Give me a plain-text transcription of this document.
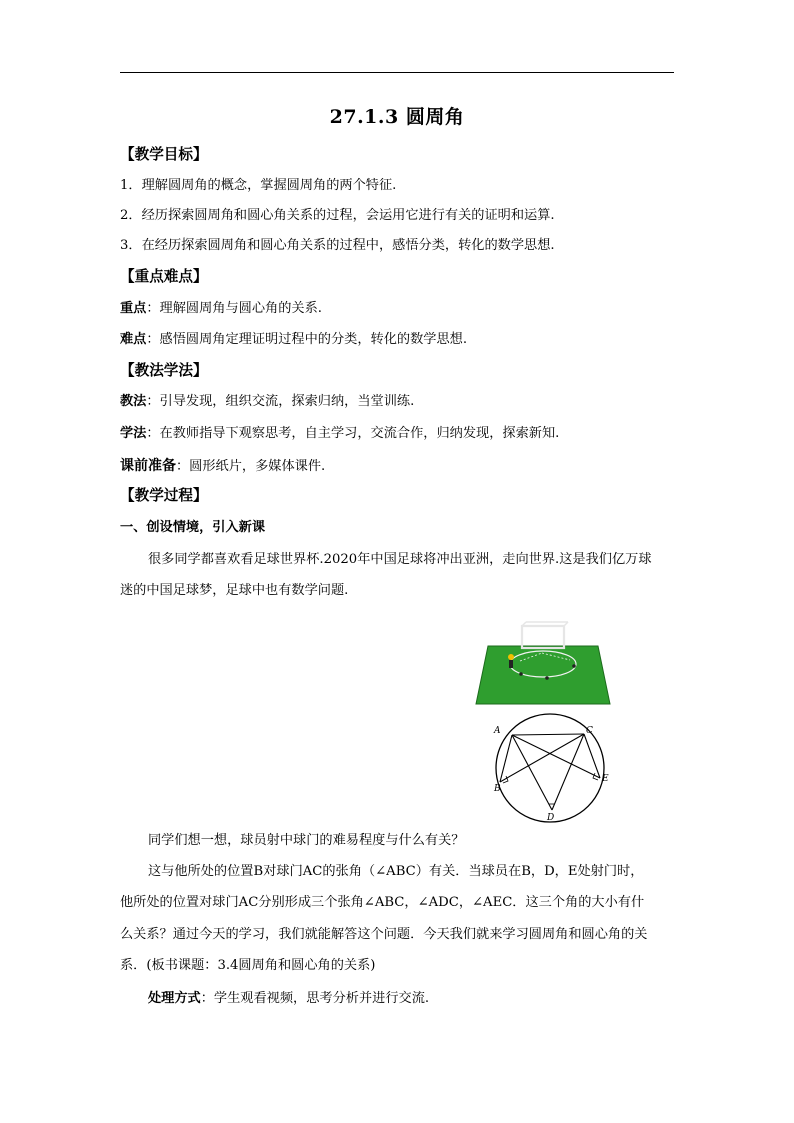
27.1.3 圆周角
【教学目标】
1．理解圆周角的概念，掌握圆周角的两个特征.
2．经历探索圆周角和圆心角关系的过程，会运用它进行有关的证明和运算.
3．在经历探索圆周角和圆心角关系的过程中，感悟分类，转化的数学思想.
【重点难点】
重点：理解圆周角与圆心角的关系.
难点：感悟圆周角定理证明过程中的分类，转化的数学思想.
【教法学法】
教法：引导发现，组织交流，探索归纳，当堂训练.
学法：在教师指导下观察思考，自主学习，交流合作，归纳发现，探索新知.
课前准备：圆形纸片，多媒体课件.
【教学过程】
一、创设情境，引入新课
很多同学都喜欢看足球世界杯.2020年中国足球将冲出亚洲，走向世界.这是我们亿万球
迷的中国足球梦，足球中也有数学问题.
A	C
B
E
D
同学们想一想，球员射中球门的难易程度与什么有关？
这与他所处的位置B对球门AC的张角（∠ABC）有关．当球员在B，D，E处射门时，
他所处的位置对球门AC分别形成三个张角∠ABC，∠ADC，∠AEC．这三个角的大小有什
么关系？通过今天的学习，我们就能解答这个问题．今天我们就来学习圆周角和圆心角的关
系．(板书课题：3.4圆周角和圆心角的关系)
处理方式：学生观看视频，思考分析并进行交流.
